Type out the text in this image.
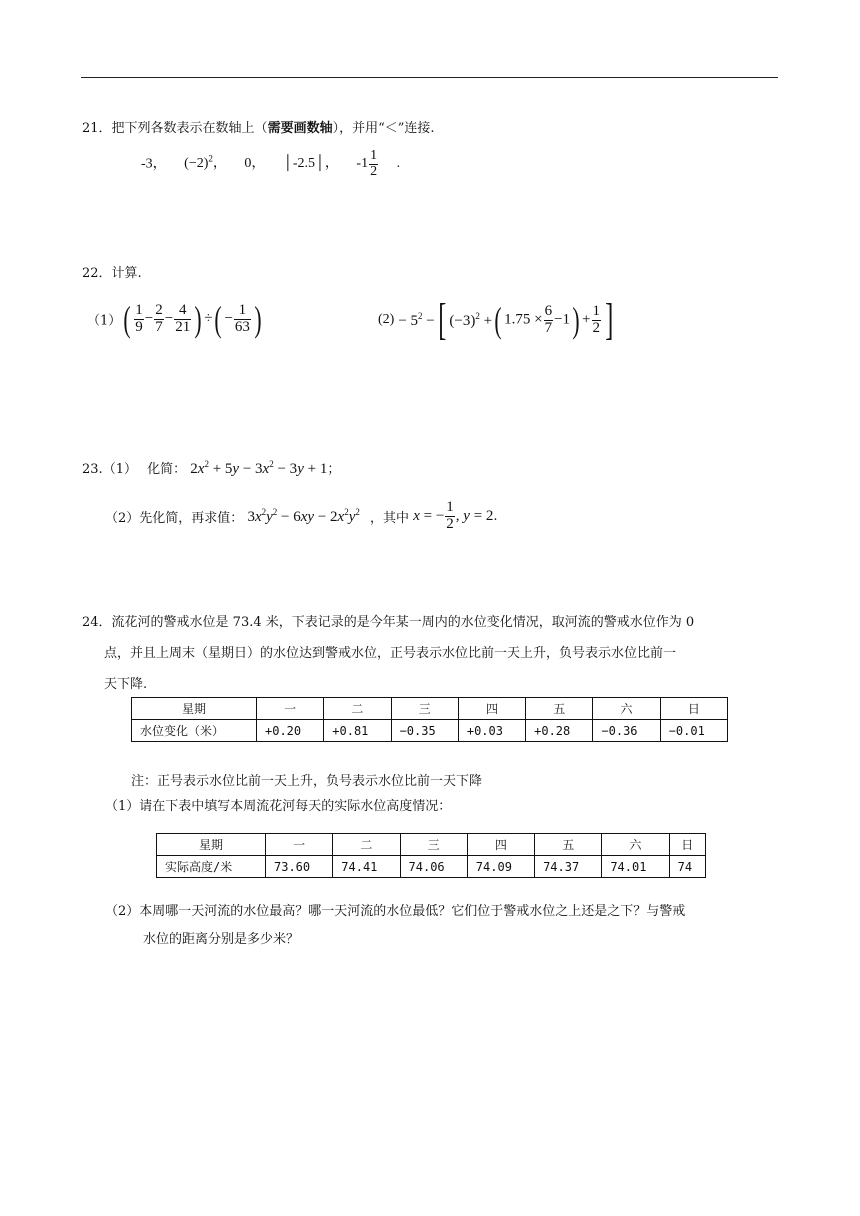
21．把下列各数表示在数轴上（需要画数轴），并用“＜”连接.
-3， $(-2)^2$， 0， │-2.5│， $-1 \frac{1}{2}$ .
22．计算.
$(1)( \frac{1}{9} - \frac{2}{7} - \frac{4}{21}$ ) ÷( − $\frac{1}{63}$ )	$(2) - 5^2$ −[ $(-3)^2$ +( $1.75 \times \frac{6}{7} -1) + \frac{1}{2}$ ]
23.（1） 化简： $2x^2 + 5y - 3x^2 - 3y + 1$；
（2）先化简，再求值： $3x^2y^2 - 6xy - 2x^2y^2$ ，其中 x = − $\frac{1}{2}$ , y = 2.
24．流花河的警戒水位是 73.4 米，下表记录的是今年某一周内的水位变化情况，取河流的警戒水位作为 0
点，并且上周末（星期日）的水位达到警戒水位，正号表示水位比前一天上升，负号表示水位比前一
天下降.
星期	一	二	三	四	五	六	日
水位变化（米）	+0.20	+0.81	−0.35	+0.03	+0.28	−0.36	−0.01
注：正号表示水位比前一天上升，负号表示水位比前一天下降
（1）请在下表中填写本周流花河每天的实际水位高度情况：
星期	一	二	三	四	五	六	日
实际高度/米	73.60	74.41	74.06	74.09	74.37	74.01	74
（2）本周哪一天河流的水位最高？哪一天河流的水位最低？它们位于警戒水位之上还是之下？与警戒
水位的距离分别是多少米？
